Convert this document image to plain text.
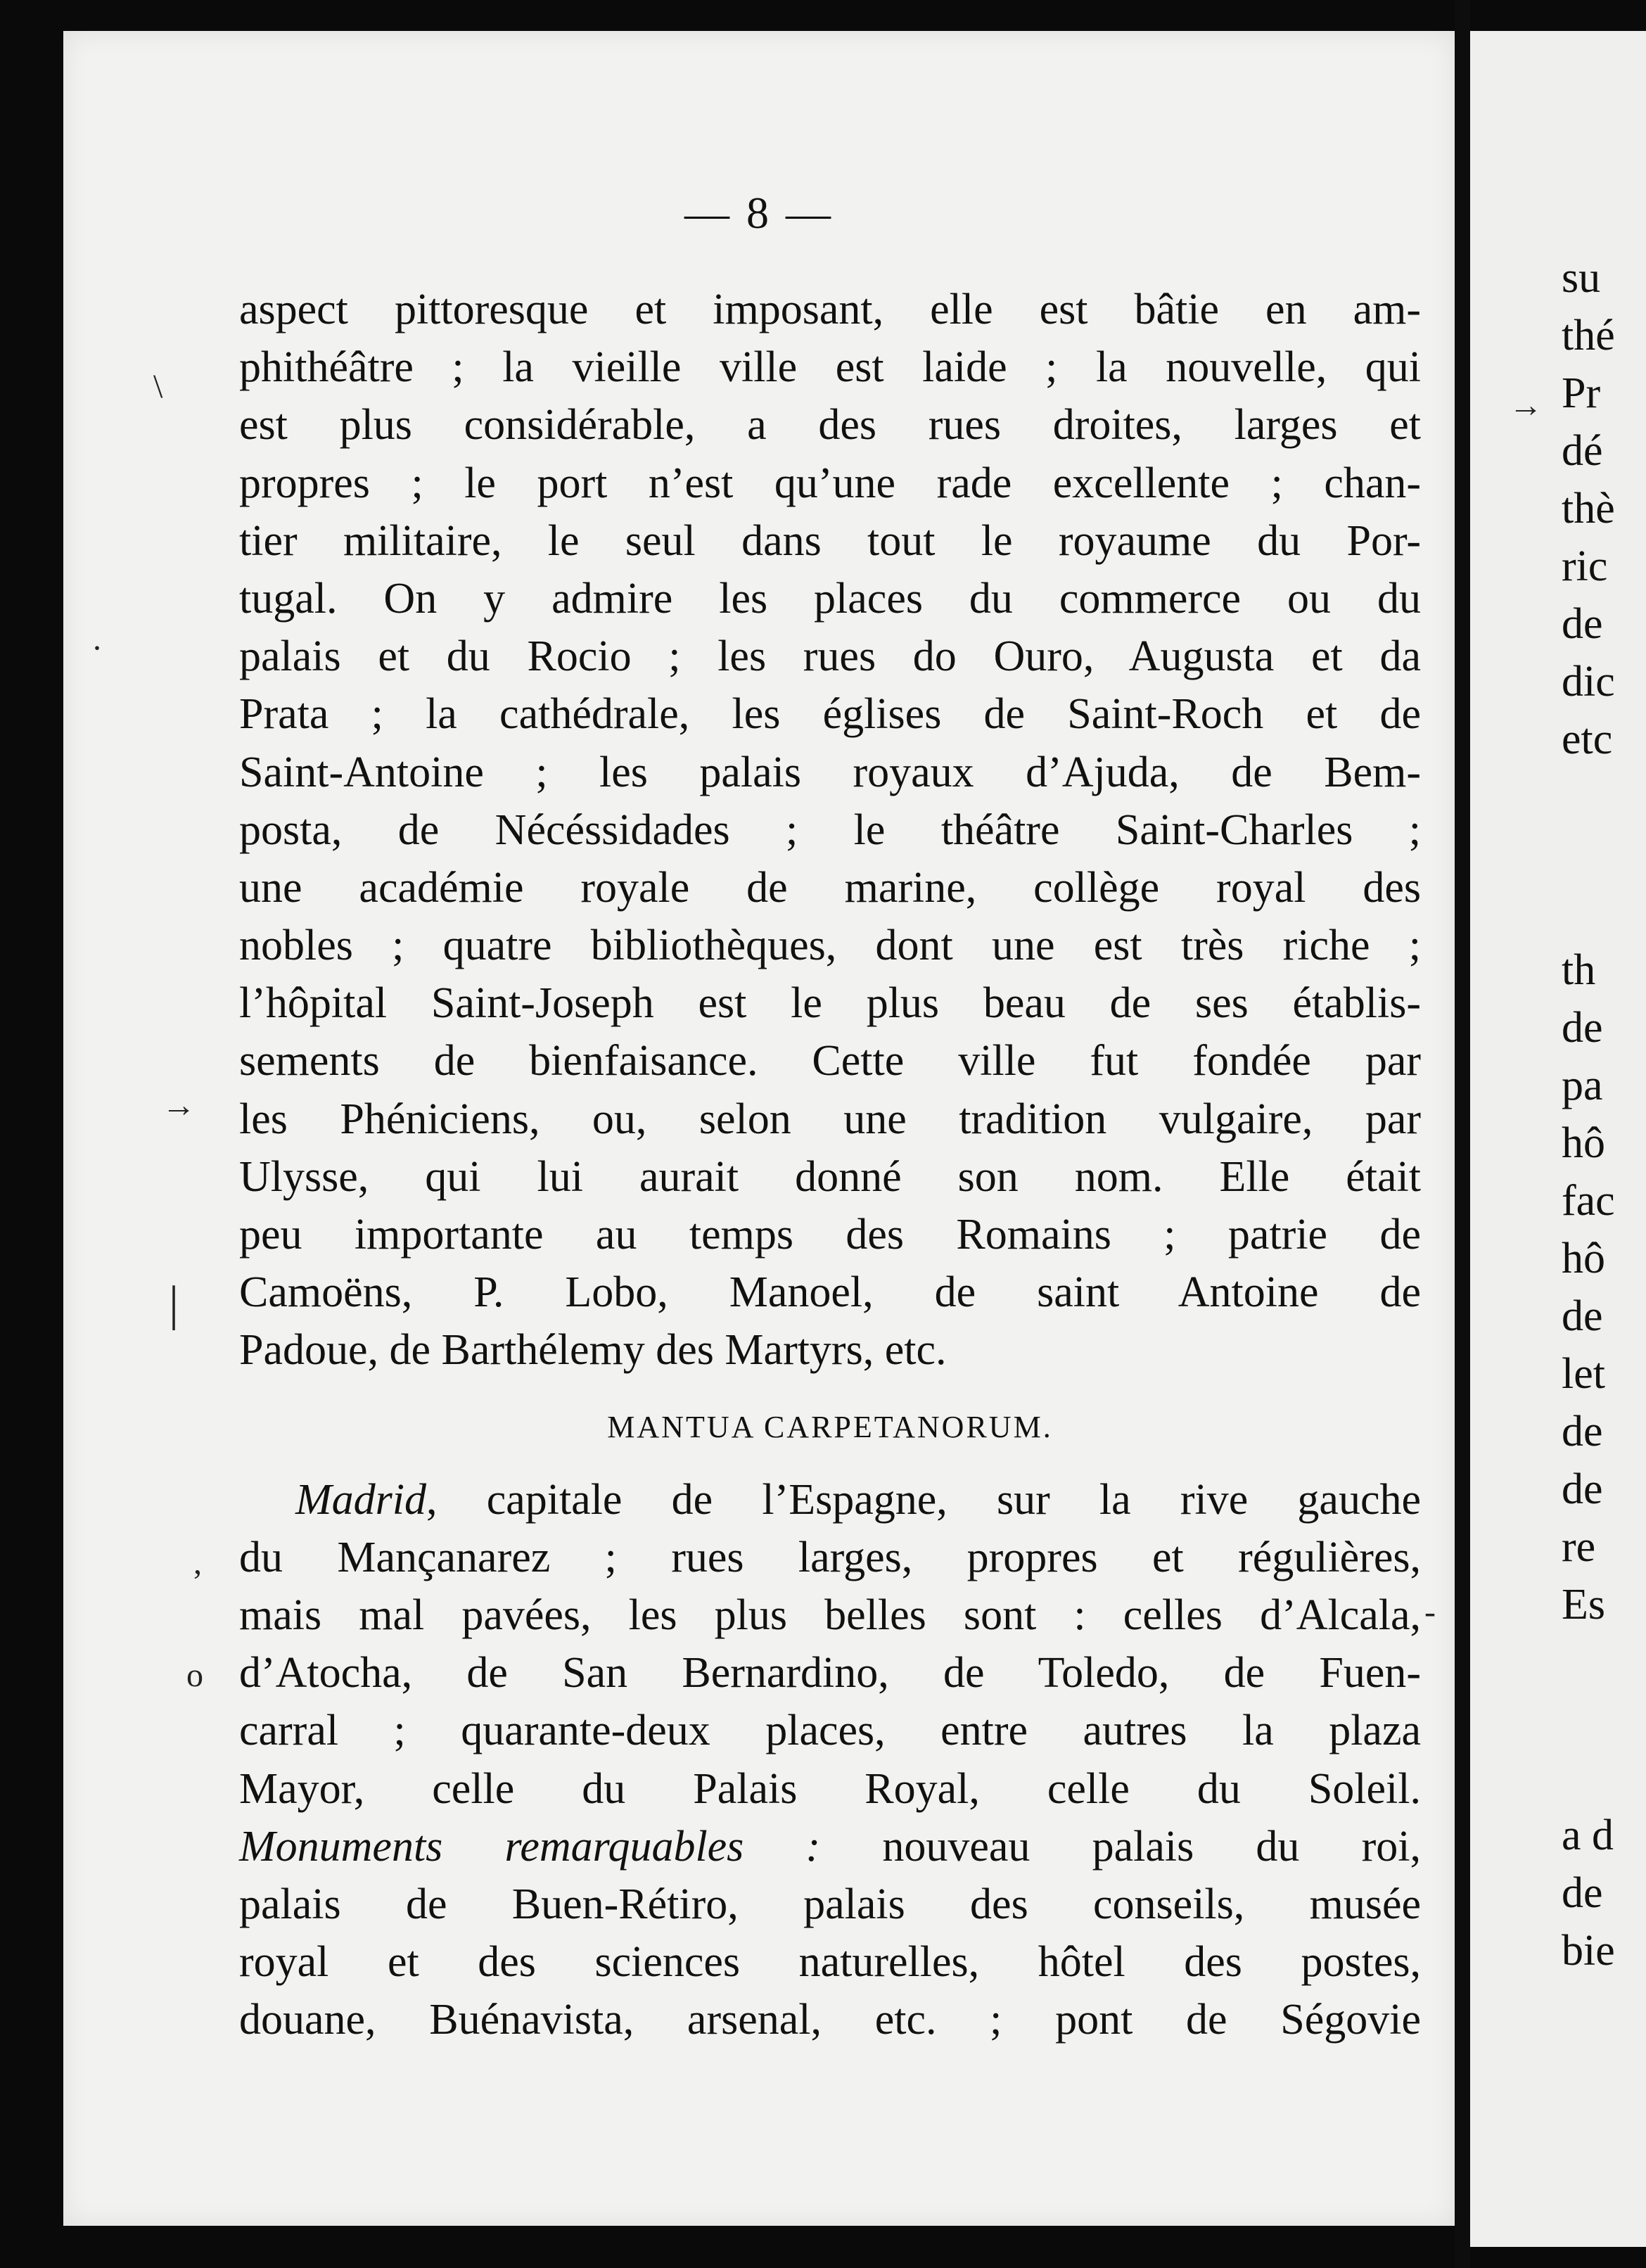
— 8 —
aspect pittoresque et imposant, elle est bâtie en am-
phithéâtre ; la vieille ville est laide ; la nouvelle, qui
est plus considérable, a des rues droites, larges et
propres ; le port n’est qu’une rade excellente ; chan-
tier militaire, le seul dans tout le royaume du Por-
tugal. On y admire les places du commerce ou du
palais et du Rocio ; les rues do Ouro, Augusta et da
Prata ; la cathédrale, les églises de Saint-Roch et de
Saint-Antoine ; les palais royaux d’Ajuda, de Bem-
posta, de Nécéssidades ; le théâtre Saint-Charles ;
une académie royale de marine, collège royal des
nobles ; quatre bibliothèques, dont une est très riche ;
l’hôpital Saint-Joseph est le plus beau de ses établis-
sements de bienfaisance. Cette ville fut fondée par
les Phéniciens, ou, selon une tradition vulgaire, par
Ulysse, qui lui aurait donné son nom. Elle était
peu importante au temps des Romains ; patrie de
Camoëns, P. Lobo, Manoel, de saint Antoine de
Padoue, de Barthélemy des Martyrs, etc.
MANTUA CARPETANORUM.
Madrid, capitale de l’Espagne, sur la rive gauche
du Mançanarez ; rues larges, propres et régulières,
mais mal pavées, les plus belles sont : celles d’Alcala,
d’Atocha, de San Bernardino, de Toledo, de Fuen-
carral ; quarante-deux places, entre autres la plaza
Mayor, celle du Palais Royal, celle du Soleil.
Monuments remarquables : nouveau palais du roi,
palais de Buen-Rétiro, palais des conseils, musée
royal et des sciences naturelles, hôtel des postes,
douane, Buénavista, arsenal, etc. ; pont de Ségovie
\
·
→
|
,
o
-
su
thé
Pr
dé
thè
ric
de
dic
etc
th
de
pa
hô
fac
hô
de
let
de
de
re
Es
a d
de
bie
→
